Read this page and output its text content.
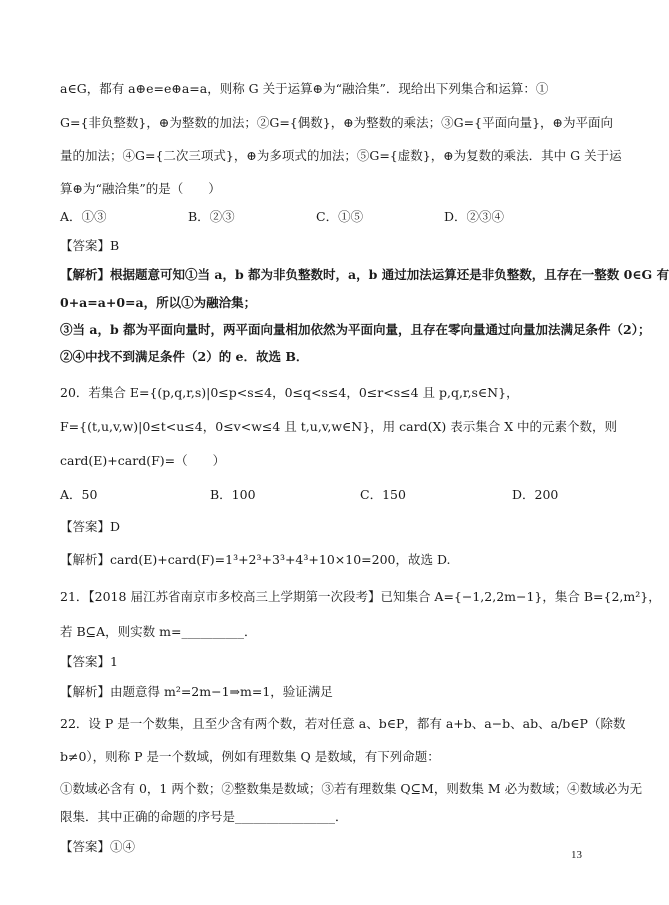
a∈G，都有 a⊕e=e⊕a=a，则称 G 关于运算⊕为“融洽集”．现给出下列集合和运算：①
G={非负整数}，⊕为整数的加法；②G={偶数}，⊕为整数的乘法；③G={平面向量}，⊕为平面向
量的加法；④G={二次三项式}，⊕为多项式的加法；⑤G={虚数}，⊕为复数的乘法．其中 G 关于运
算⊕为“融洽集”的是（　　）
A．①③	B．②③	C．①⑤	D．②③④
【答案】B
【解析】根据题意可知①当 a，b 都为非负整数时，a，b 通过加法运算还是非负整数，且存在一整数 0∈G 有
0+a=a+0=a，所以①为融洽集；
③当 a，b 都为平面向量时，两平面向量相加依然为平面向量，且存在零向量通过向量加法满足条件（2）；
②④中找不到满足条件（2）的 e．故选 B．
20．若集合 E={(p,q,r,s)|0≤p<s≤4，0≤q<s≤4，0≤r<s≤4 且 p,q,r,s∈N}，
F={(t,u,v,w)|0≤t<u≤4，0≤v<w≤4 且 t,u,v,w∈N}，用 card(X) 表示集合 X 中的元素个数，则
card(E)+card(F)=（　　）
A．50	B．100	C．150	D．200
【答案】D
【解析】card(E)+card(F)=1³+2³+3³+4³+10×10=200，故选 D.
21．【2018 届江苏省南京市多校高三上学期第一次段考】已知集合 A={−1,2,2m−1}，集合 B={2,m²}，
若 B⊆A，则实数 m=__________．
【答案】1
【解析】由题意得 m²=2m−1⇒m=1，验证满足
22．设 P 是一个数集，且至少含有两个数，若对任意 a、b∈P，都有 a+b、a−b、ab、a/b∈P（除数
b≠0），则称 P 是一个数域，例如有理数集 Q 是数域，有下列命题：
①数域必含有 0，1 两个数；②整数集是数域；③若有理数集 Q⊆M，则数集 M 必为数域；④数域必为无
限集．其中正确的命题的序号是________________．
【答案】①④
13
